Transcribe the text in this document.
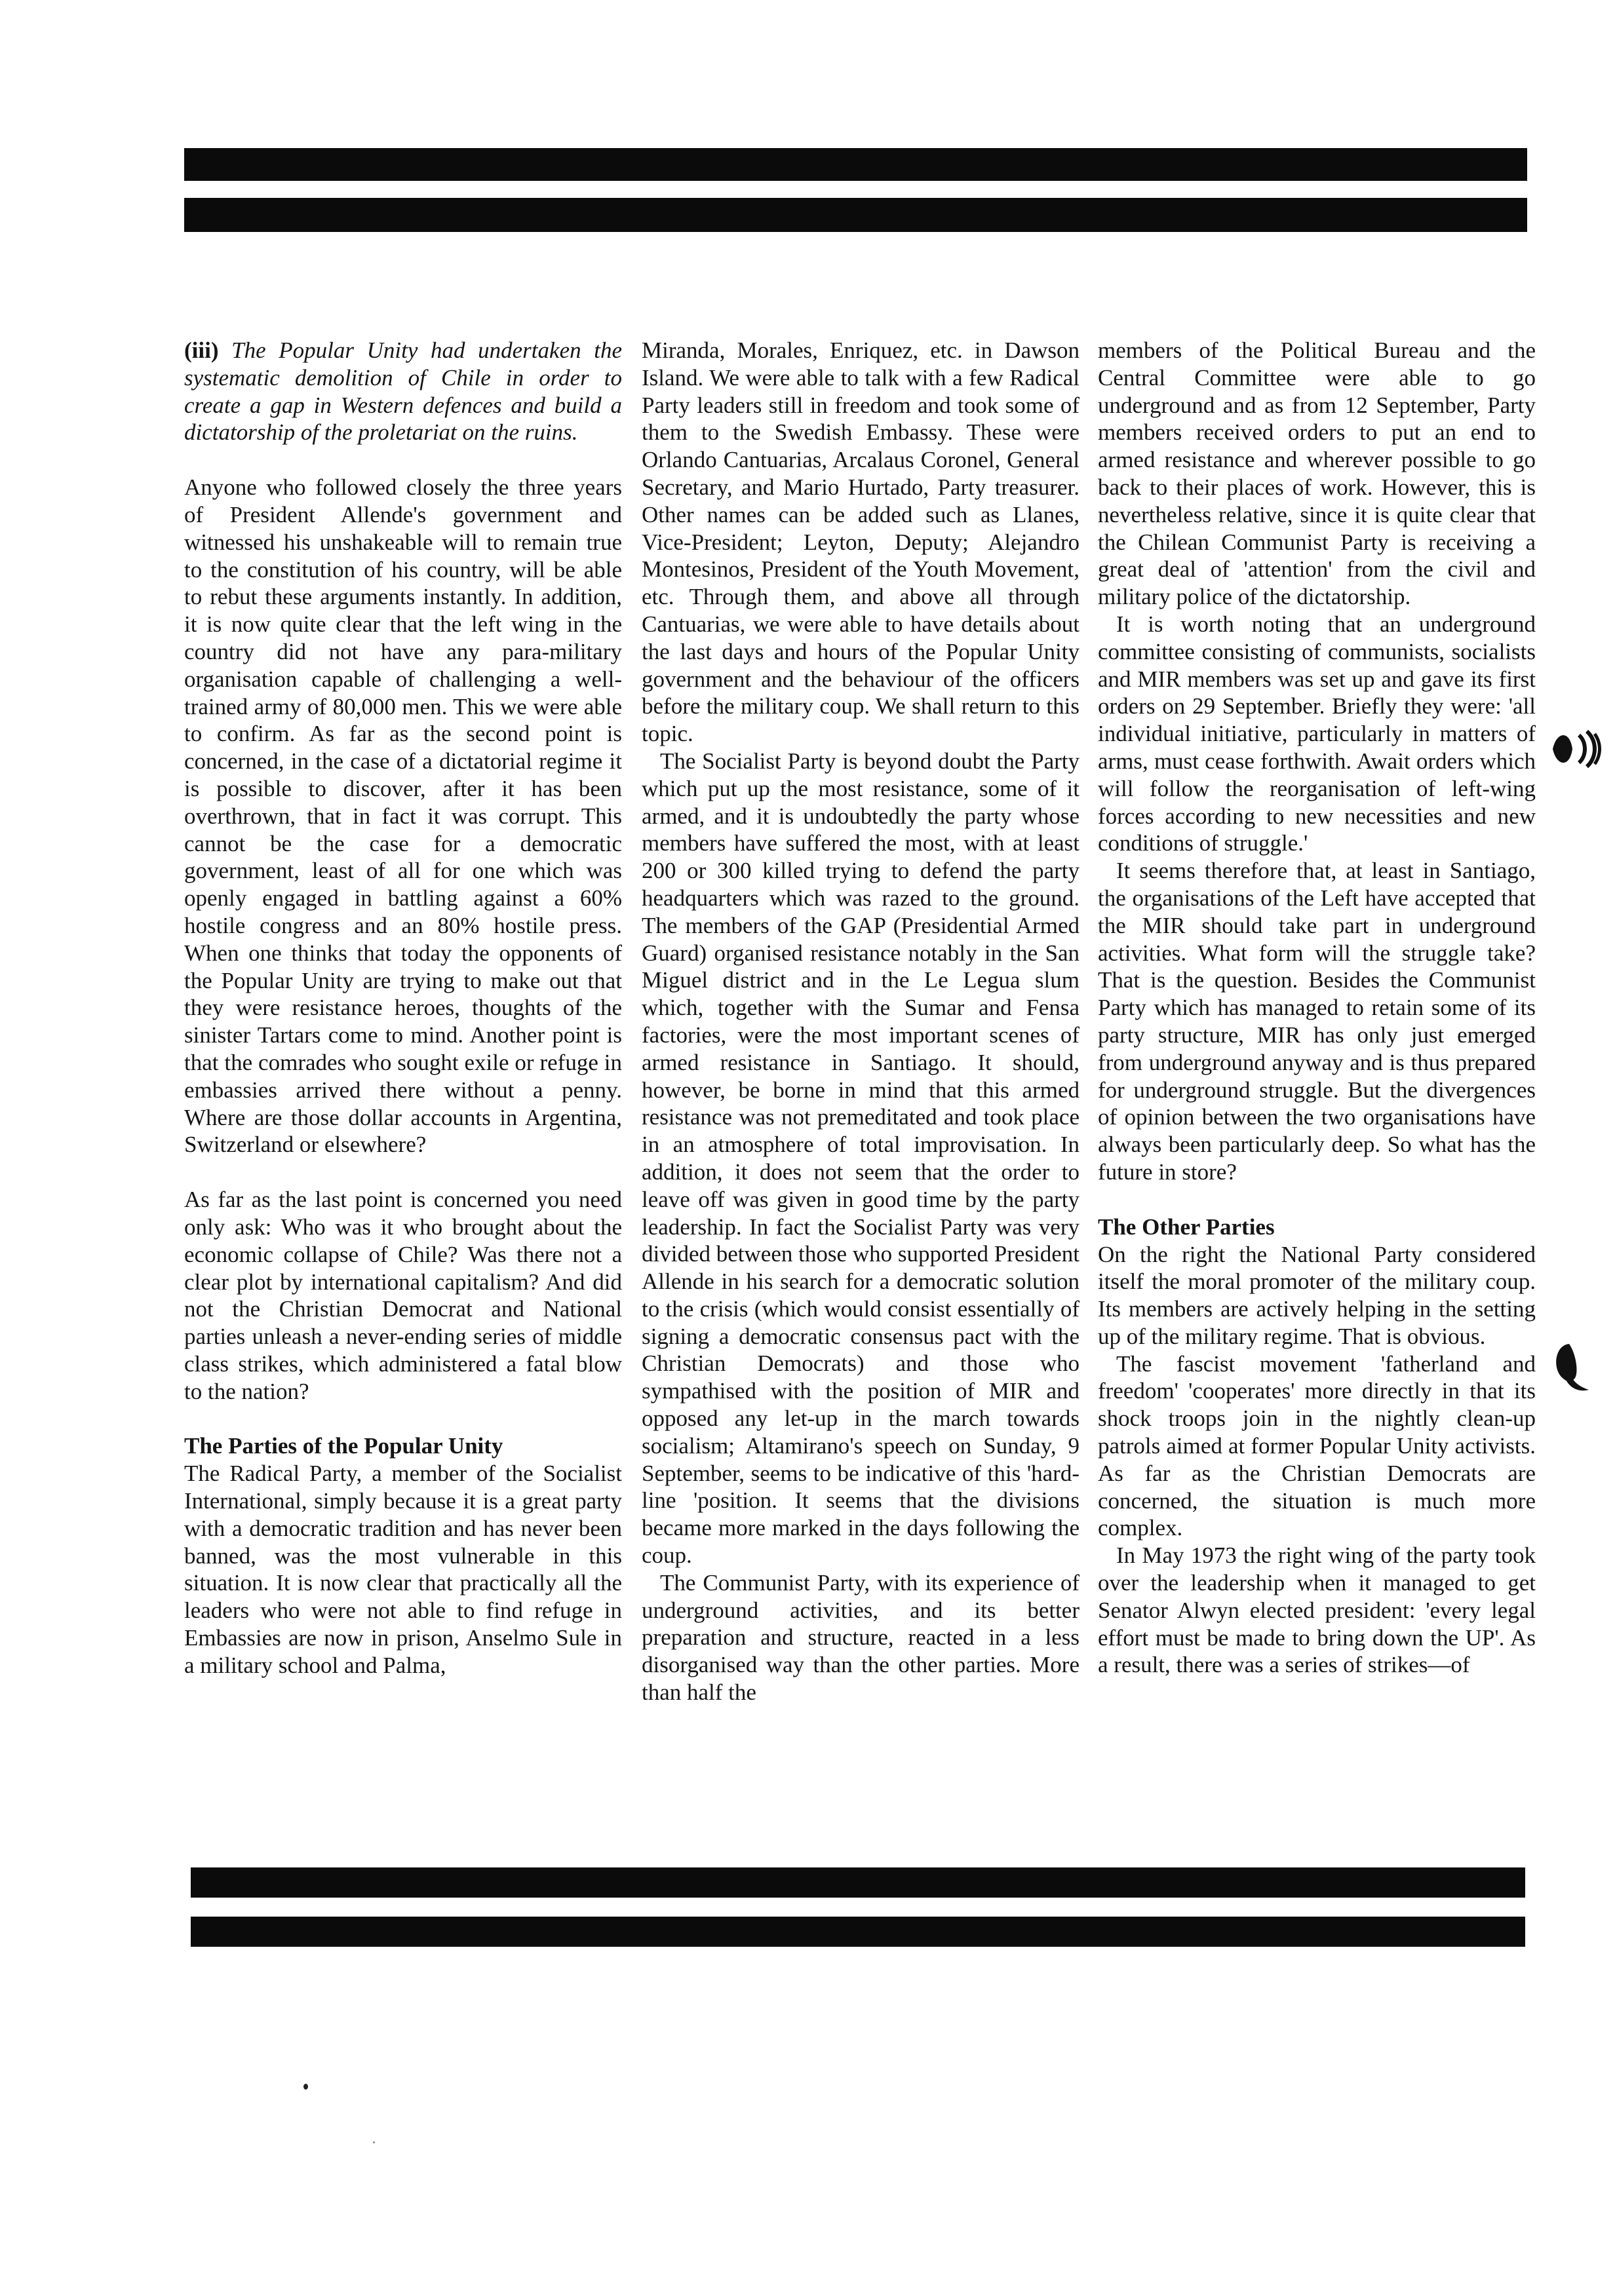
(iii) The Popular Unity had undertaken the systematic demolition of Chile in order to create a gap in Western defences and build a dictatorship of the proletariat on the ruins.

Anyone who followed closely the three years of President Allende's government and witnessed his unshakeable will to remain true to the constitution of his country, will be able to rebut these arguments instantly. In addition, it is now quite clear that the left wing in the country did not have any para-military organisation capable of challenging a well-trained army of 80,000 men. This we were able to confirm. As far as the second point is concerned, in the case of a dictatorial regime it is possible to discover, after it has been overthrown, that in fact it was corrupt. This cannot be the case for a democratic government, least of all for one which was openly engaged in battling against a 60% hostile congress and an 80% hostile press. When one thinks that today the opponents of the Popular Unity are trying to make out that they were resistance heroes, thoughts of the sinister Tartars come to mind. Another point is that the comrades who sought exile or refuge in embassies arrived there without a penny. Where are those dollar accounts in Argentina, Switzerland or elsewhere?

As far as the last point is concerned you need only ask: Who was it who brought about the economic collapse of Chile? Was there not a clear plot by international capitalism? And did not the Christian Democrat and National parties unleash a never-ending series of middle class strikes, which administered a fatal blow to the nation?

The Parties of the Popular Unity

The Radical Party, a member of the Socialist International, simply because it is a great party with a democratic tradition and has never been banned, was the most vulnerable in this situation. It is now clear that practically all the leaders who were not able to find refuge in Embassies are now in prison, Anselmo Sule in a military school and Palma,

Miranda, Morales, Enriquez, etc. in Dawson Island. We were able to talk with a few Radical Party leaders still in freedom and took some of them to the Swedish Embassy. These were Orlando Cantuarias, Arcalaus Coronel, General Secretary, and Mario Hurtado, Party treasurer. Other names can be added such as Llanes, Vice-President; Leyton, Deputy; Alejandro Montesinos, President of the Youth Movement, etc. Through them, and above all through Cantuarias, we were able to have details about the last days and hours of the Popular Unity government and the behaviour of the officers before the military coup. We shall return to this topic.

The Socialist Party is beyond doubt the Party which put up the most resistance, some of it armed, and it is undoubtedly the party whose members have suffered the most, with at least 200 or 300 killed trying to defend the party headquarters which was razed to the ground. The members of the GAP (Presidential Armed Guard) organised resistance notably in the San Miguel district and in the Le Legua slum which, together with the Sumar and Fensa factories, were the most important scenes of armed resistance in Santiago. It should, however, be borne in mind that this armed resistance was not premeditated and took place in an atmosphere of total improvisation. In addition, it does not seem that the order to leave off was given in good time by the party leadership. In fact the Socialist Party was very divided between those who supported President Allende in his search for a democratic solution to the crisis (which would consist essentially of signing a democratic consensus pact with the Christian Democrats) and those who sympathised with the position of MIR and opposed any let-up in the march towards socialism; Altamirano's speech on Sunday, 9 September, seems to be indicative of this 'hard-line 'position. It seems that the divisions became more marked in the days following the coup.

The Communist Party, with its experience of underground activities, and its better preparation and structure, reacted in a less disorganised way than the other parties. More than half the

members of the Political Bureau and the Central Committee were able to go underground and as from 12 September, Party members received orders to put an end to armed resistance and wherever possible to go back to their places of work. However, this is nevertheless relative, since it is quite clear that the Chilean Communist Party is receiving a great deal of 'attention' from the civil and military police of the dictatorship.

It is worth noting that an underground committee consisting of communists, socialists and MIR members was set up and gave its first orders on 29 September. Briefly they were: 'all individual initiative, particularly in matters of arms, must cease forthwith. Await orders which will follow the reorganisation of left-wing forces according to new necessities and new conditions of struggle.'

It seems therefore that, at least in Santiago, the organisations of the Left have accepted that the MIR should take part in underground activities. What form will the struggle take? That is the question. Besides the Communist Party which has managed to retain some of its party structure, MIR has only just emerged from underground anyway and is thus prepared for underground struggle. But the divergences of opinion between the two organisations have always been particularly deep. So what has the future in store?

The Other Parties

On the right the National Party considered itself the moral promoter of the military coup. Its members are actively helping in the setting up of the military regime. That is obvious.

The fascist movement 'fatherland and freedom' 'cooperates' more directly in that its shock troops join in the nightly clean-up patrols aimed at former Popular Unity activists. As far as the Christian Democrats are concerned, the situation is much more complex.

In May 1973 the right wing of the party took over the leadership when it managed to get Senator Alwyn elected president: 'every legal effort must be made to bring down the UP'. As a result, there was a series of strikes—of
